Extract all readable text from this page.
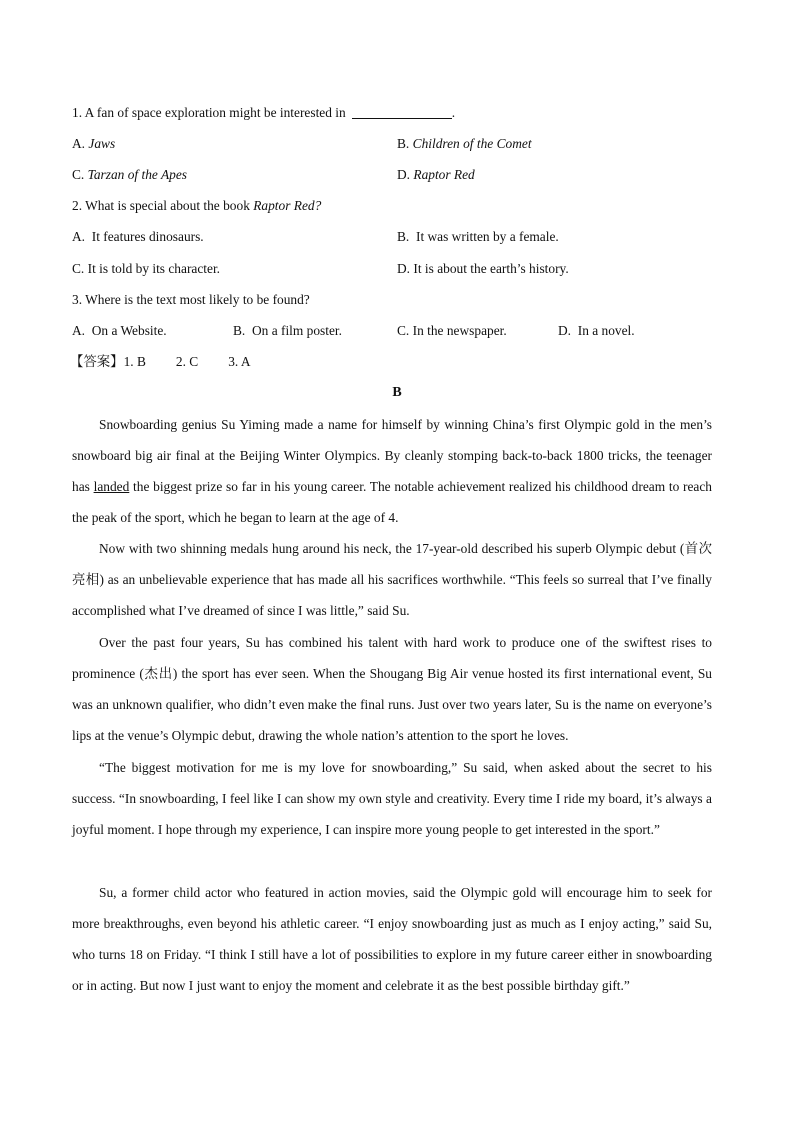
1. A fan of space exploration might be interested in	.
A. Jaws	B. Children of the Comet
C. Tarzan of the Apes	D. Raptor Red
2. What is special about the book Raptor Red?
A. It features dinosaurs.	B. It was written by a female.
C. It is told by its character.	D. It is about the earth’s history.
3. Where is the text most likely to be found?
A. On a Website.	B. On a film poster.	C. In the newspaper.	D. In a novel.
【答案】1. B 2. C 3. A
B
Snowboarding genius Su Yiming made a name for himself by winning China’s first Olympic gold in the men’s snowboard big air final at the Beijing Winter Olympics. By cleanly stomping back-to-back 1800 tricks, the teenager has landed the biggest prize so far in his young career. The notable achievement realized his childhood dream to reach the peak of the sport, which he began to learn at the age of 4.
Now with two shinning medals hung around his neck, the 17-year-old described his superb Olympic debut (首次亮相) as an unbelievable experience that has made all his sacrifices worthwhile. “This feels so surreal that I’ve finally accomplished what I’ve dreamed of since I was little,” said Su.
Over the past four years, Su has combined his talent with hard work to produce one of the swiftest rises to prominence (杰出) the sport has ever seen. When the Shougang Big Air venue hosted its first international event, Su was an unknown qualifier, who didn’t even make the final runs. Just over two years later, Su is the name on everyone’s lips at the venue’s Olympic debut, drawing the whole nation’s attention to the sport he loves.
“The biggest motivation for me is my love for snowboarding,” Su said, when asked about the secret to his success. “In snowboarding, I feel like I can show my own style and creativity. Every time I ride my board, it’s always a joyful moment. I hope through my experience, I can inspire more young people to get interested in the sport.”
Su, a former child actor who featured in action movies, said the Olympic gold will encourage him to seek for more breakthroughs, even beyond his athletic career. “I enjoy snowboarding just as much as I enjoy acting,” said Su, who turns 18 on Friday. “I think I still have a lot of possibilities to explore in my future career either in snowboarding or in acting. But now I just want to enjoy the moment and celebrate it as the best possible birthday gift.”
